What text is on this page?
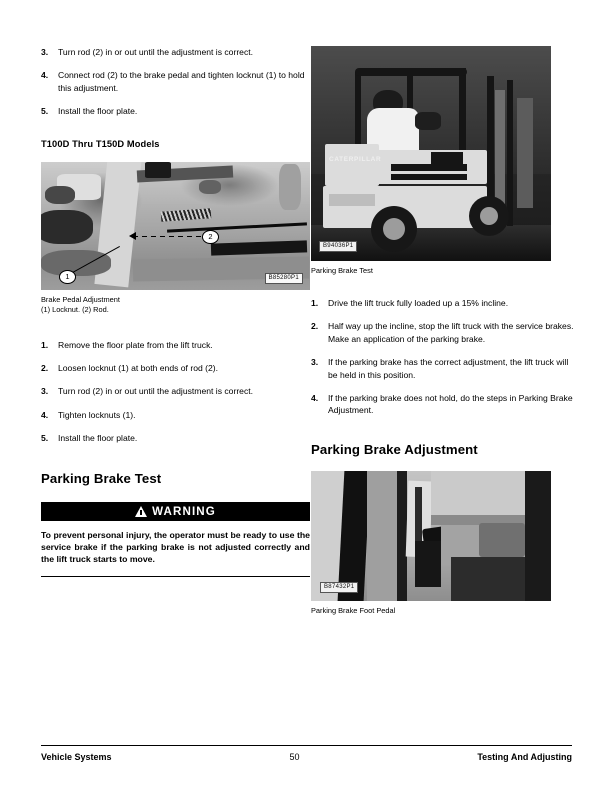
3. Turn rod (2) in or out until the adjustment is correct.
4. Connect rod (2) to the brake pedal and tighten locknut (1) to hold this adjustment.
5. Install the floor plate.
T100D Thru T150D Models
1
2
B85280P1
Brake Pedal Adjustment
(1) Locknut. (2) Rod.
1. Remove the floor plate from the lift truck.
2. Loosen locknut (1) at both ends of rod (2).
3. Turn rod (2) in or out until the adjustment is correct.
4. Tighten locknuts (1).
5. Install the floor plate.
Parking Brake Test
WARNING

To prevent personal injury, the operator must be ready to use the service brake if the parking brake is not adjusted correctly and the lift truck starts to move.

CATERPILLAR
B94036P1
Parking Brake Test
1. Drive the lift truck fully loaded up a 15% incline.
2. Half way up the incline, stop the lift truck with the service brakes. Make an application of the parking brake.
3. If the parking brake has the correct adjustment, the lift truck will be held in this position.
4. If the parking brake does not hold, do the steps in Parking Brake Adjustment.
Parking Brake Adjustment
B87432P1
Parking Brake Foot Pedal
Vehicle Systems	50	Testing And Adjusting
